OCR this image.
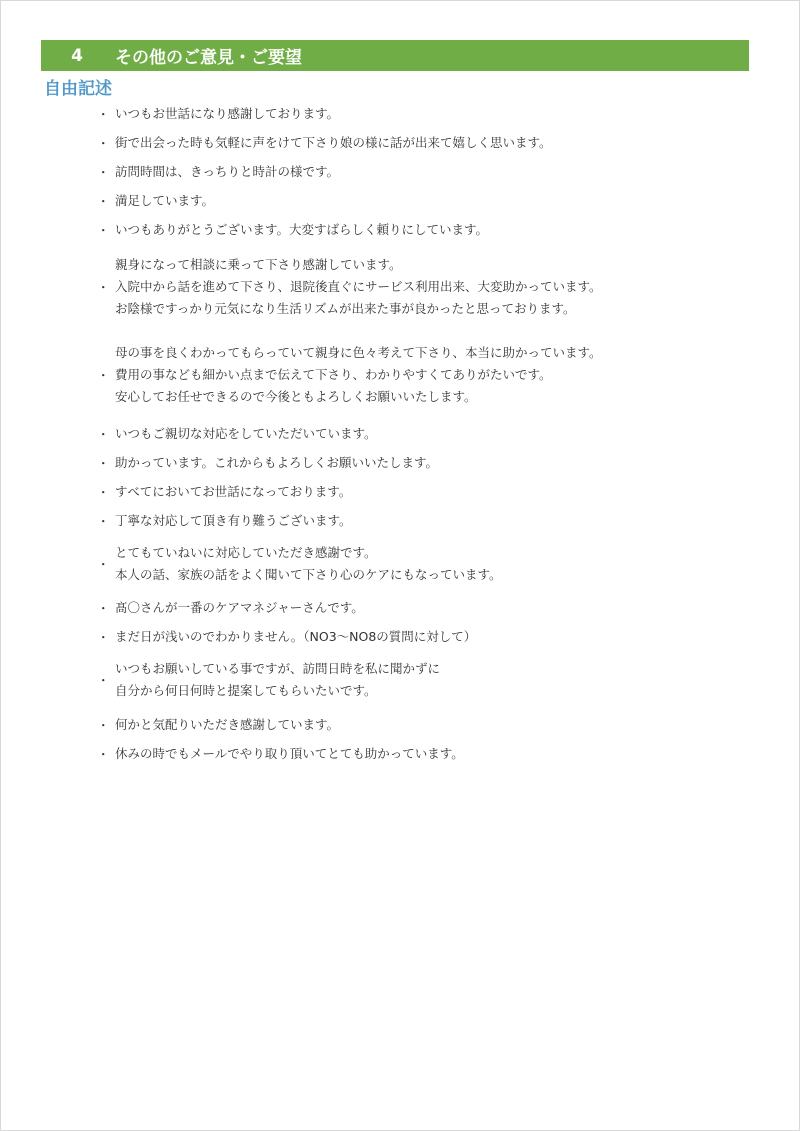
4 その他のご意見・ご要望
自由記述
・ いつもお世話になり感謝しております。
・ 街で出会った時も気軽に声をけて下さり娘の様に話が出来て嬉しく思います。
・ 訪問時間は、きっちりと時計の様です。
・ 満足しています。
・ いつもありがとうございます。大変すばらしく頼りにしています。
・
親身になって相談に乗って下さり感謝しています。
入院中から話を進めて下さり、退院後直ぐにサービス利用出来、大変助かっています。
お陰様ですっかり元気になり生活リズムが出来た事が良かったと思っております。
・
母の事を良くわかってもらっていて親身に色々考えて下さり、本当に助かっています。
費用の事なども細かい点まで伝えて下さり、わかりやすくてありがたいです。
安心してお任せできるので今後ともよろしくお願いいたします。
・ いつもご親切な対応をしていただいています。
・ 助かっています。これからもよろしくお願いいたします。
・ すべてにおいてお世話になっております。
・ 丁寧な対応して頂き有り難うございます。
・
とてもていねいに対応していただき感謝です。
本人の話、家族の話をよく聞いて下さり心のケアにもなっています。
・ 髙〇さんが一番のケアマネジャーさんです。
・ まだ日が浅いのでわかりません。（NO3～NO8の質問に対して）
・
いつもお願いしている事ですが、訪問日時を私に聞かずに
自分から何日何時と提案してもらいたいです。
・ 何かと気配りいただき感謝しています。
・ 休みの時でもメールでやり取り頂いてとても助かっています。
